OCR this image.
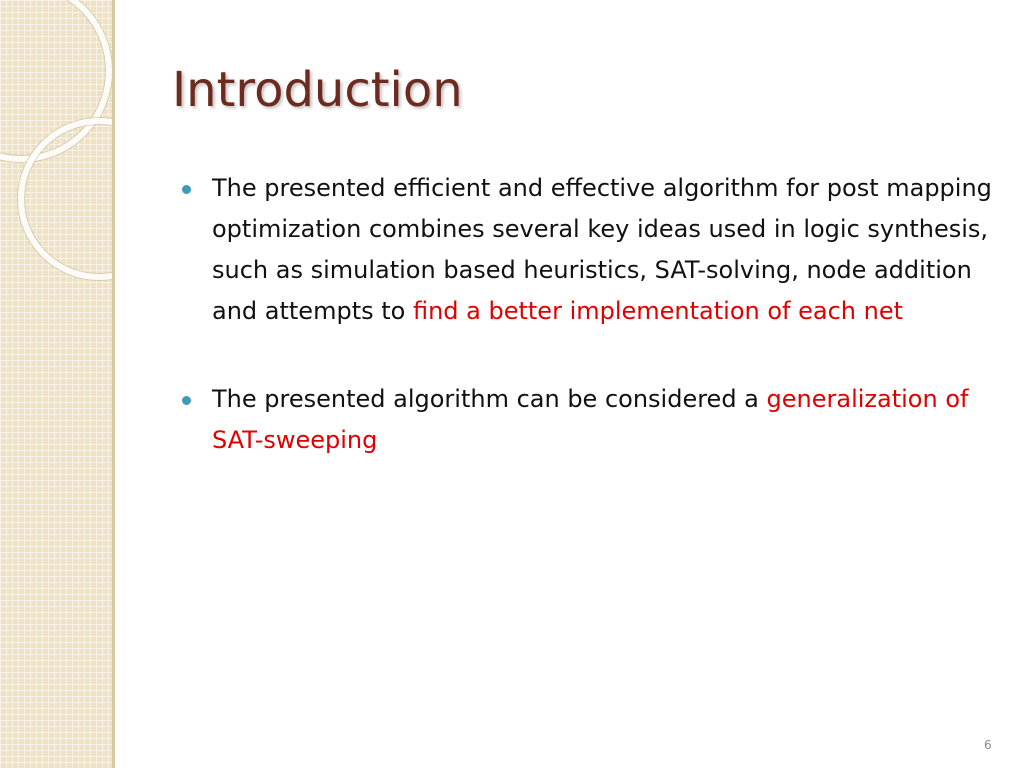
Introduction
The presented efficient and effective algorithm for post mapping optimization combines several key ideas used in logic synthesis, such as simulation based heuristics, SAT-solving, node addition and attempts to find a better implementation of each net
The presented algorithm can be considered a generalization of SAT-sweeping
6
